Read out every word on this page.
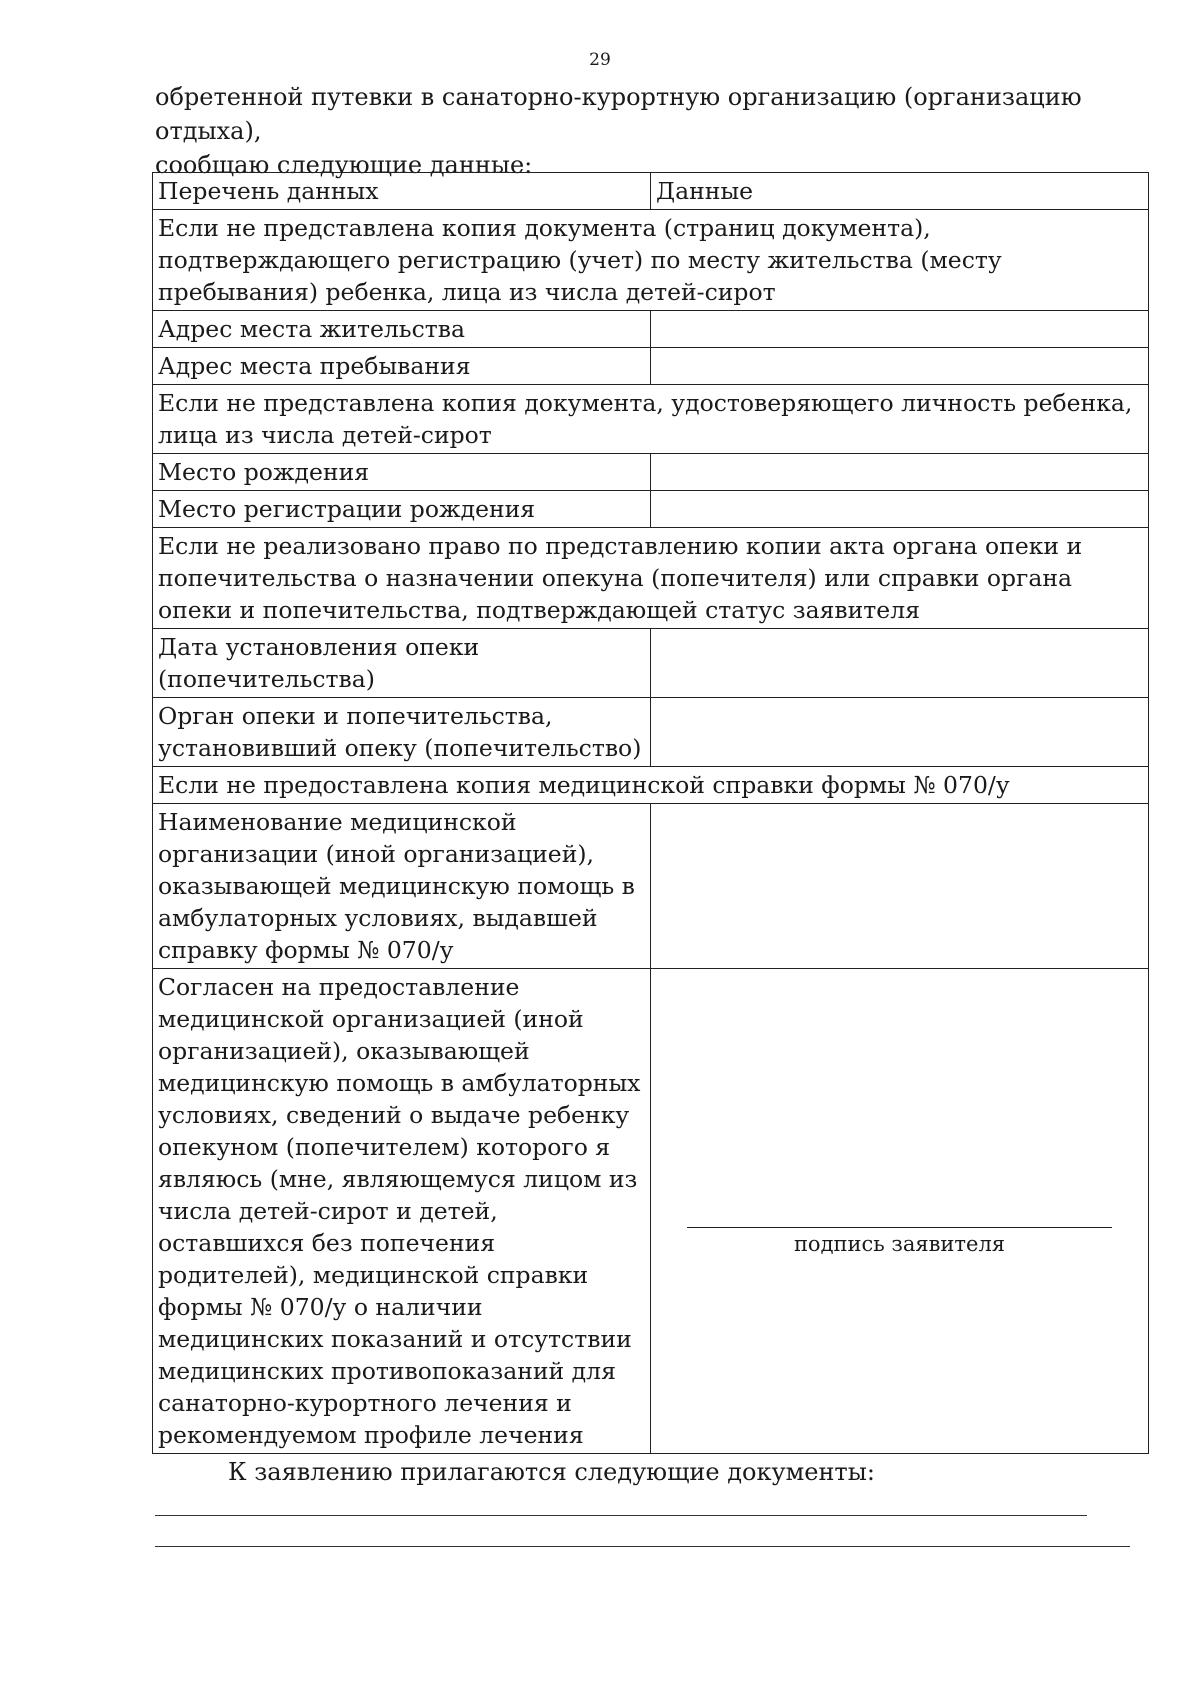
29
обретенной путевки в санаторно-курортную организацию (организацию отдыха),
сообщаю следующие данные:
Перечень данных	Данные
Если не представлена копия документа (страниц документа), подтверждающего регистрацию (учет) по месту жительства (месту пребывания) ребенка, лица из числа детей-сирот	
Адрес места жительства	
Адрес места пребывания	
Если не представлена копия документа, удостоверяющего личность ребенка, лица из числа детей-сирот	
Место рождения	
Место регистрации рождения	
Если не реализовано право по представлению копии акта органа опеки и попечительства о назначении опекуна (попечителя) или справки органа опеки и попечительства, подтверждающей статус заявителя	
Дата установления опеки (попечительства)	
Орган опеки и попечительства, установивший опеку (попечительство)	
Если не предоставлена копия медицинской справки формы № 070/у	
Наименование медицинской организации (иной организацией), оказывающей медицинскую помощь в амбулаторных условиях, выдавшей справку формы № 070/у	
Согласен на предоставление медицинской организацией (иной организацией), оказывающей медицинскую помощь в амбулаторных условиях, сведений о выдаче ребенку опекуном (попечителем) которого я являюсь (мне, являющемуся лицом из числа детей-сирот и детей, оставшихся без попечения родителей), медицинской справки формы № 070/у о наличии медицинских показаний и отсутствии медицинских противопоказаний для санаторно-курортного лечения и рекомендуемом профиле лечения	подпись заявителя
К заявлению прилагаются следующие документы:
